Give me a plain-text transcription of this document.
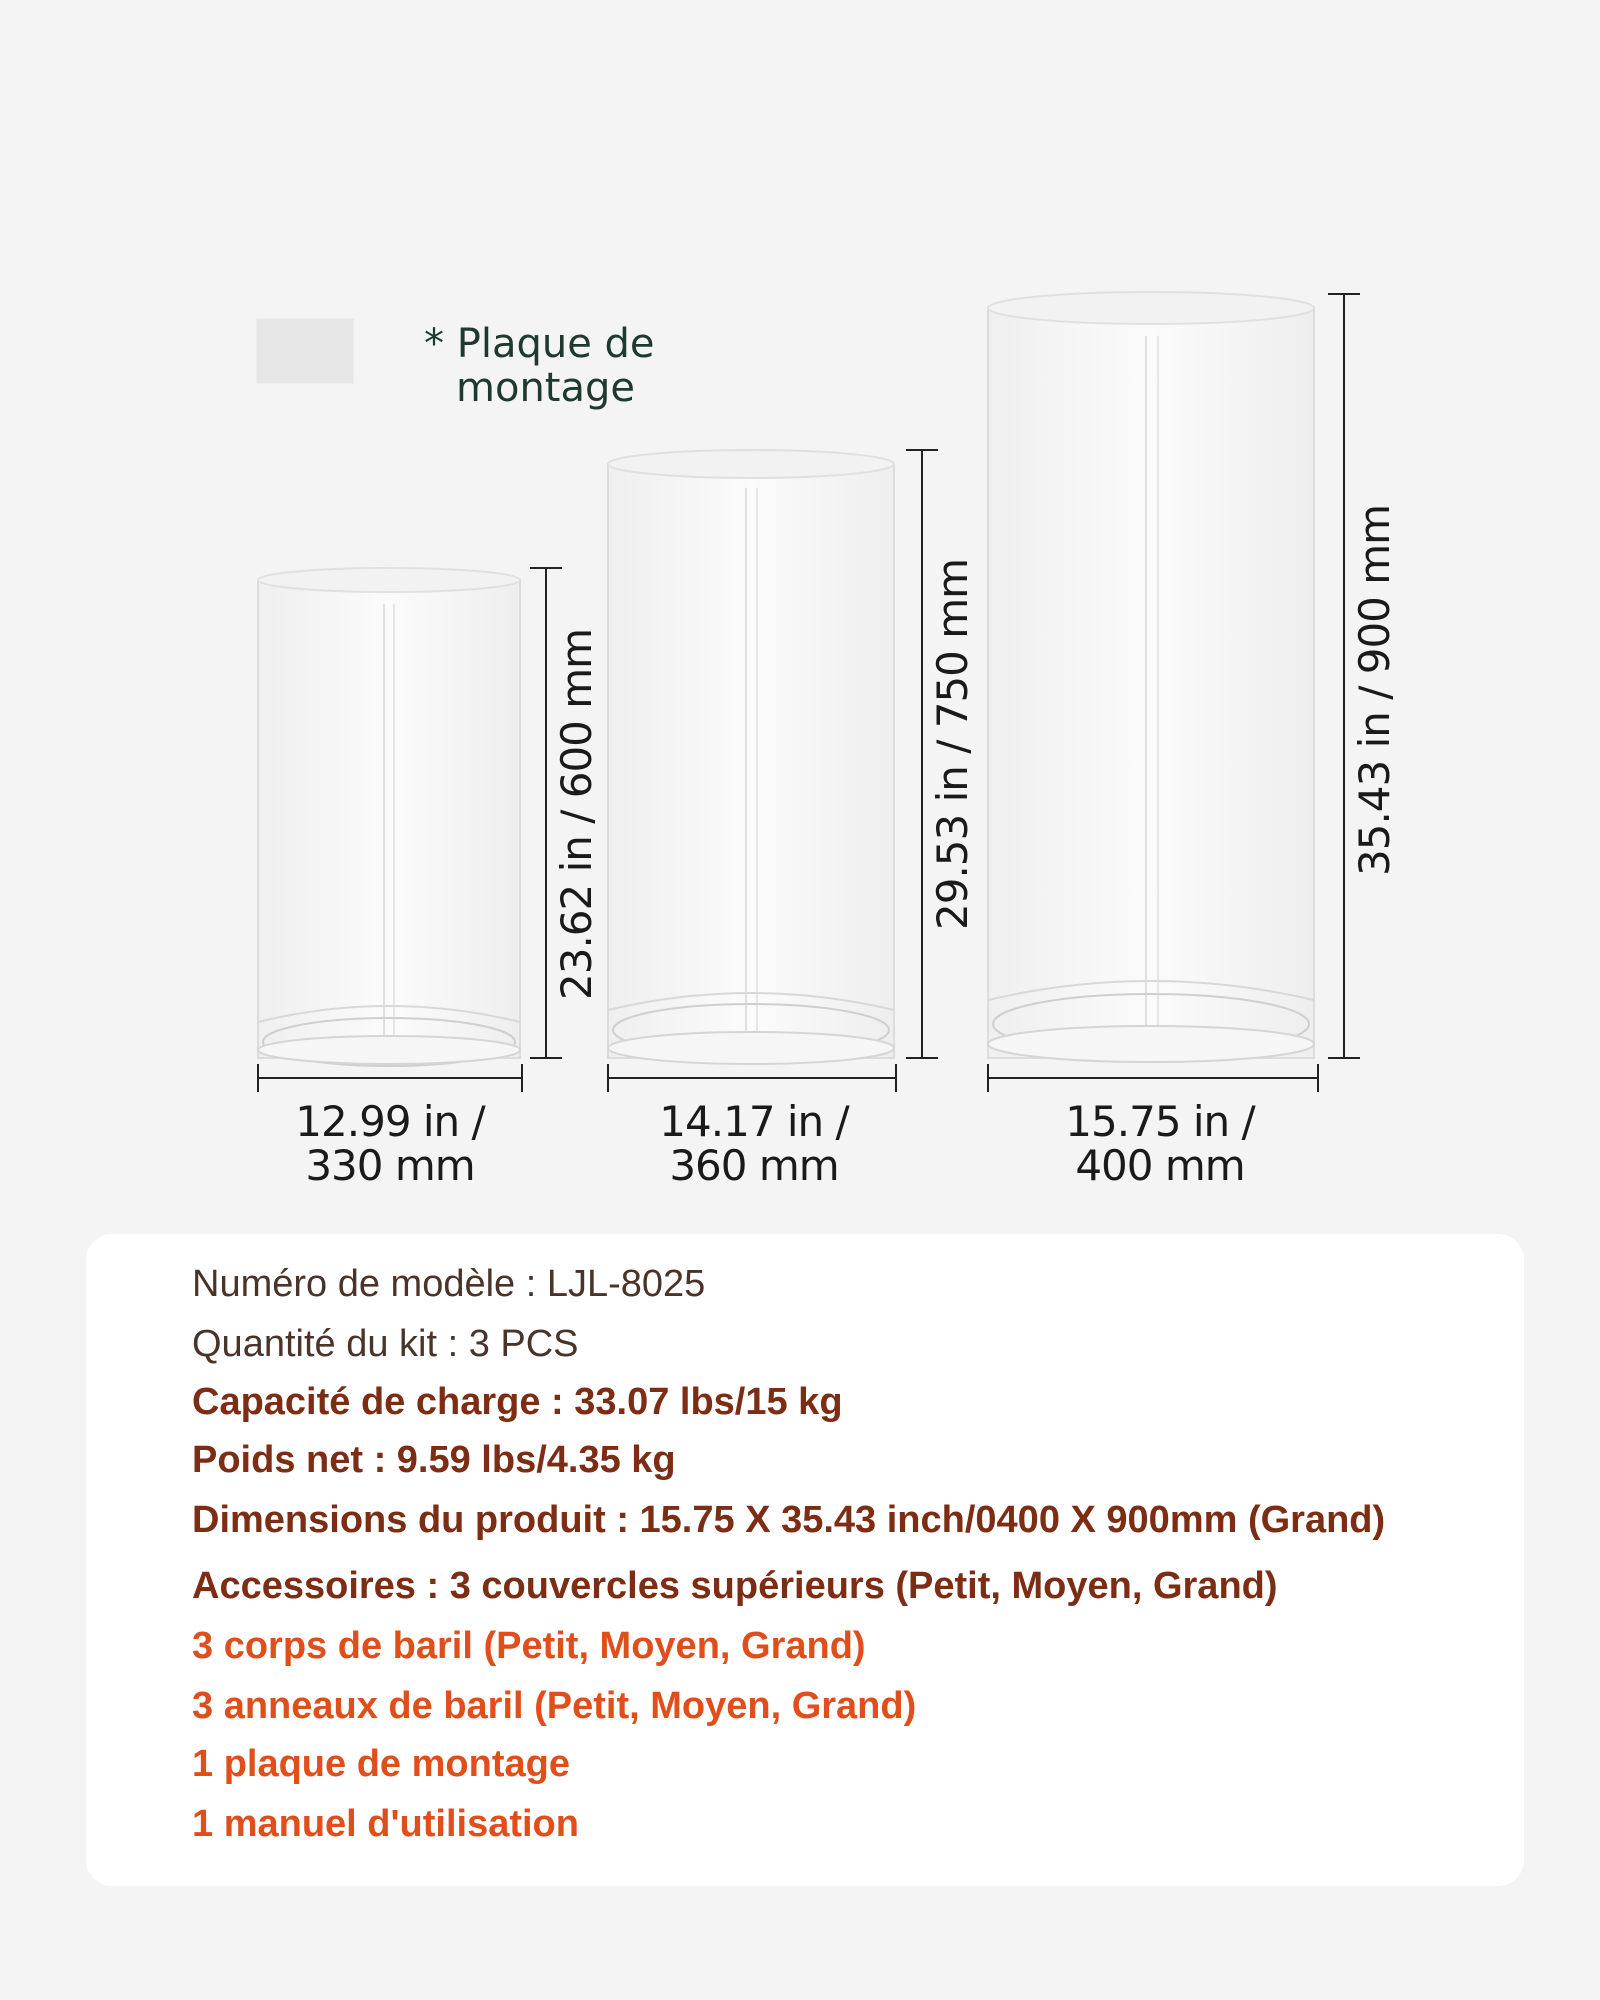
* Plaque de
montage
23.62 in / 600 mm	29.53 in / 750 mm	35.43 in / 900 mm
12.99 in /
330 mm
14.17 in /
360 mm
15.75 in /
400 mm
Numéro de modèle : LJL-8025
Quantité du kit : 3 PCS
Capacité de charge : 33.07 lbs/15 kg
Poids net : 9.59 lbs/4.35 kg
Dimensions du produit : 15.75 X 35.43 inch/0400 X 900mm (Grand)
Accessoires : 3 couvercles supérieurs (Petit, Moyen, Grand)
3 corps de baril (Petit, Moyen, Grand)
3 anneaux de baril (Petit, Moyen, Grand)
1 plaque de montage
1 manuel d'utilisation
